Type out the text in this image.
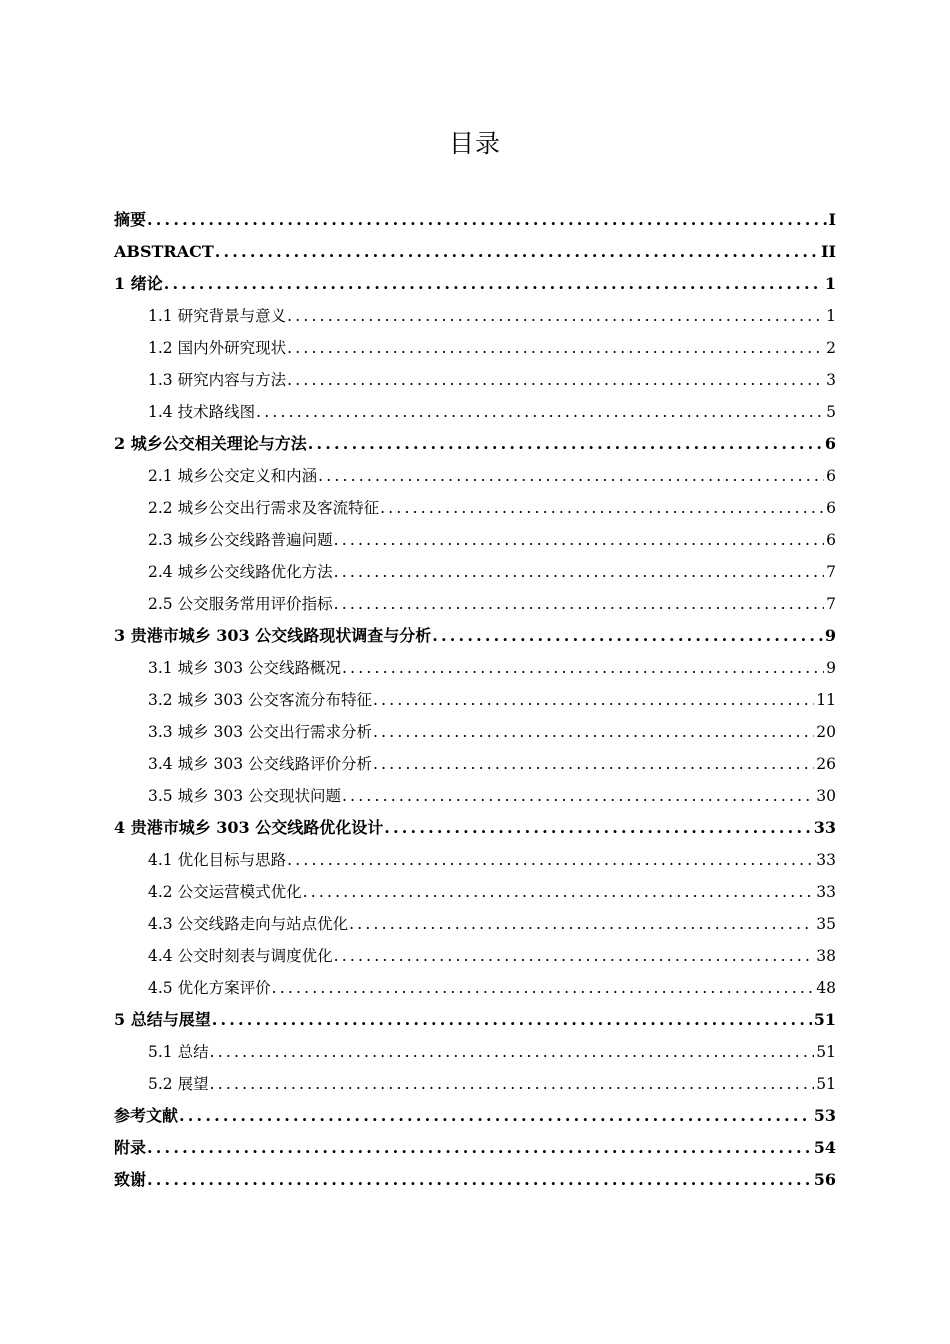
目录
摘要 .....	I
ABSTRACT .....	II
1 绪论 .....	1
1.1 研究背景与意义 .....	1
1.2 国内外研究现状 .....	2
1.3 研究内容与方法 .....	3
1.4 技术路线图 .....	5
2 城乡公交相关理论与方法 .....	6
2.1 城乡公交定义和内涵 .....	6
2.2 城乡公交出行需求及客流特征 .....	6
2.3 城乡公交线路普遍问题 .....	6
2.4 城乡公交线路优化方法 .....	7
2.5 公交服务常用评价指标 .....	7
3 贵港市城乡 303 公交线路现状调查与分析 .....	9
3.1 城乡 303 公交线路概况 .....	9
3.2 城乡 303 公交客流分布特征 .....	11
3.3 城乡 303 公交出行需求分析 .....	20
3.4 城乡 303 公交线路评价分析 .....	26
3.5 城乡 303 公交现状问题 .....	30
4 贵港市城乡 303 公交线路优化设计 .....	33
4.1 优化目标与思路 .....	33
4.2 公交运营模式优化 .....	33
4.3 公交线路走向与站点优化 .....	35
4.4 公交时刻表与调度优化 .....	38
4.5 优化方案评价 .....	48
5 总结与展望 .....	51
5.1 总结 .....	51
5.2 展望 .....	51
参考文献 .....	53
附录 .....	54
致谢 .....	56
